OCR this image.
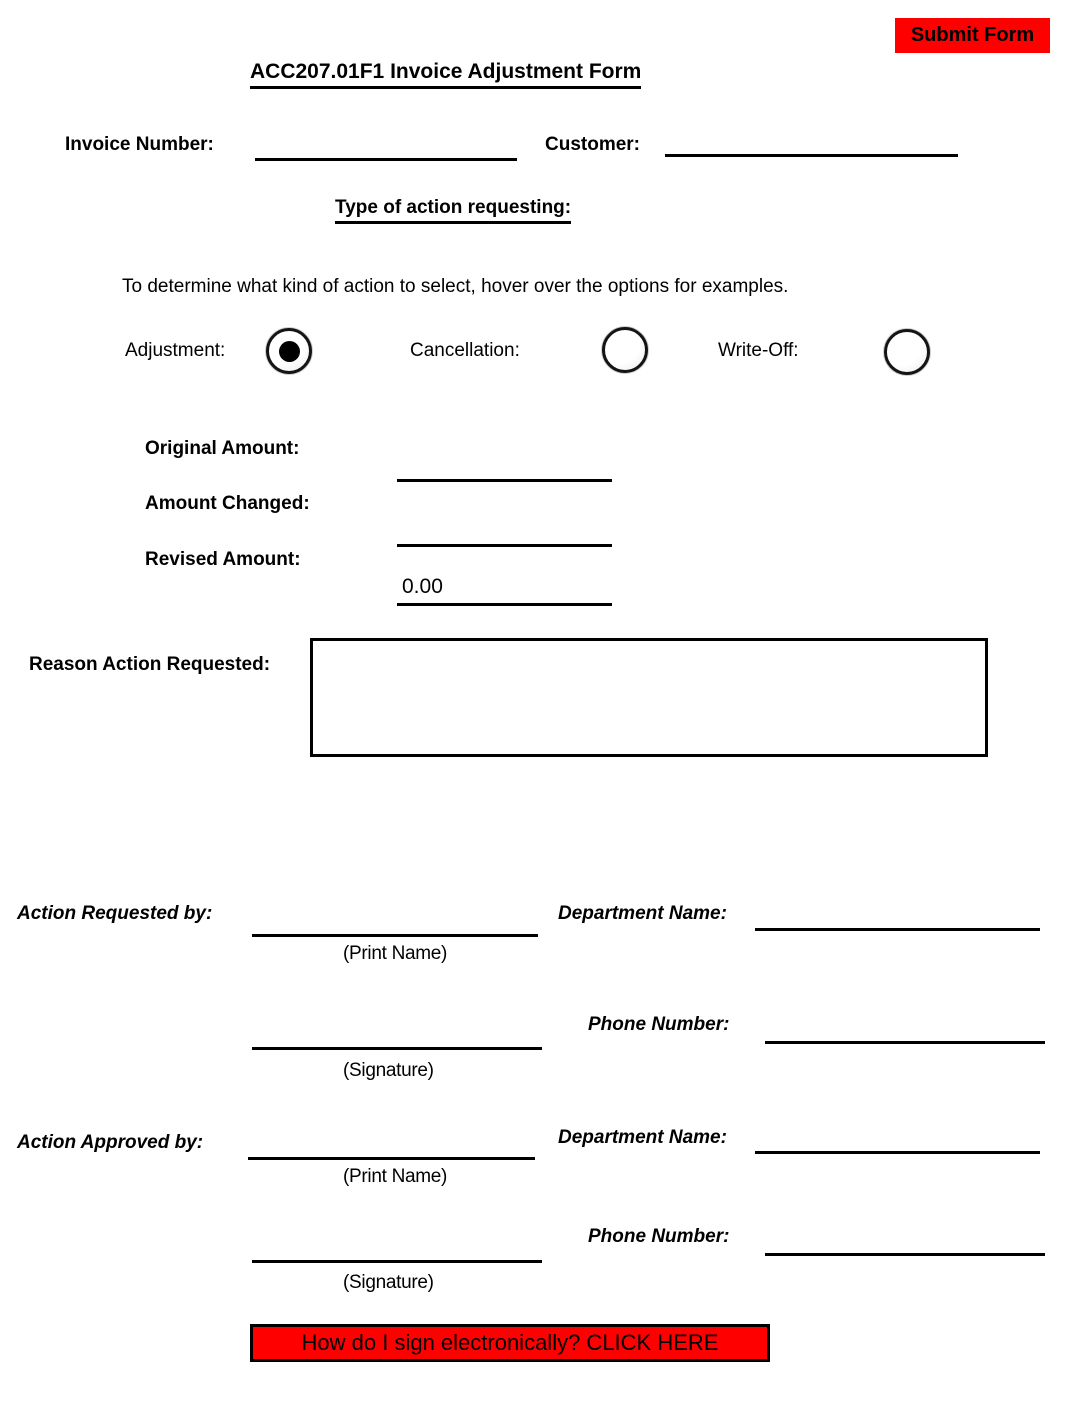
Submit Form
ACC207.01F1 Invoice Adjustment Form
Invoice Number:	Customer:
Type of action requesting:
To determine what kind of action to select, hover over the options for examples.
Adjustment:	Cancellation:	Write-Off:
Original Amount:
Amount Changed:
Revised Amount:
0.00
Reason Action Requested:
Action Requested by:
(Print Name)
Department Name:
Phone Number:
(Signature)
Action Approved by:
(Print Name)
Department Name:
Phone Number:
(Signature)
How do I sign electronically? CLICK HERE
